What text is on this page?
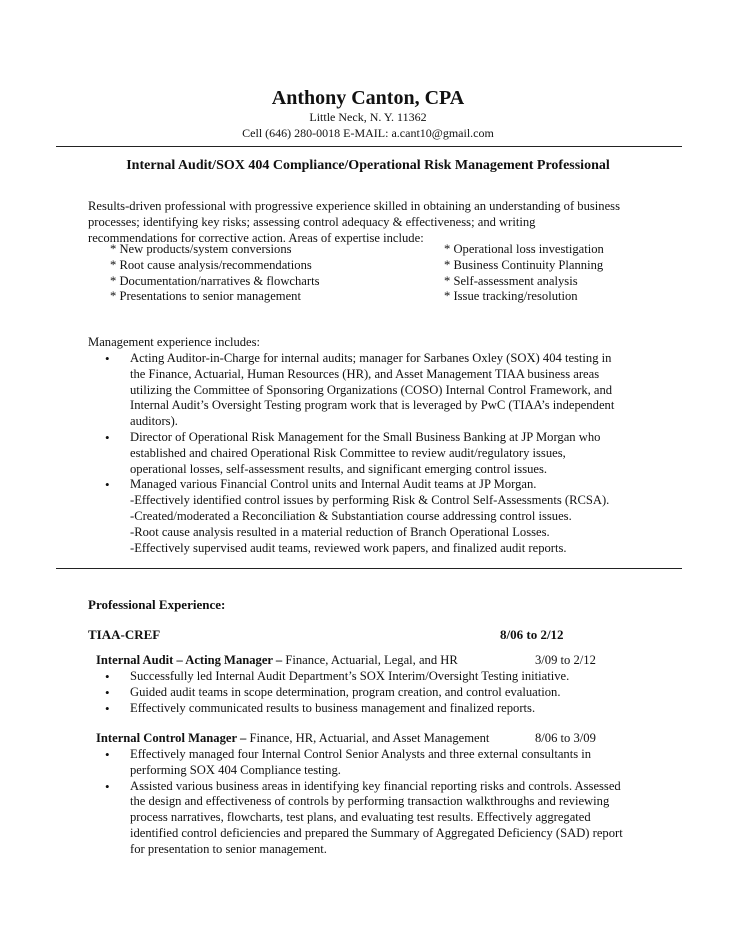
Anthony Canton, CPA
Little Neck, N. Y. 11362
Cell (646) 280-0018 E-MAIL: a.cant10@gmail.com
Internal Audit/SOX 404 Compliance/Operational Risk Management Professional
Results-driven professional with progressive experience skilled in obtaining an understanding of business
processes; identifying key risks; assessing control adequacy & effectiveness; and writing
recommendations for corrective action. Areas of expertise include:
* New products/system conversions
* Root cause analysis/recommendations
* Documentation/narratives & flowcharts
* Presentations to senior management
* Operational loss investigation
* Business Continuity Planning
* Self-assessment analysis
* Issue tracking/resolution
Management experience includes:
• Acting Auditor-in-Charge for internal audits; manager for Sarbanes Oxley (SOX) 404 testing in
the Finance, Actuarial, Human Resources (HR), and Asset Management TIAA business areas
utilizing the Committee of Sponsoring Organizations (COSO) Internal Control Framework, and
Internal Audit’s Oversight Testing program work that is leveraged by PwC (TIAA’s independent
auditors).
• Director of Operational Risk Management for the Small Business Banking at JP Morgan who
established and chaired Operational Risk Committee to review audit/regulatory issues,
operational losses, self-assessment results, and significant emerging control issues.
• Managed various Financial Control units and Internal Audit teams at JP Morgan.
-Effectively identified control issues by performing Risk & Control Self-Assessments (RCSA).
-Created/moderated a Reconciliation & Substantiation course addressing control issues.
-Root cause analysis resulted in a material reduction of Branch Operational Losses.
-Effectively supervised audit teams, reviewed work papers, and finalized audit reports.
Professional Experience:
TIAA-CREF	8/06 to 2/12
Internal Audit – Acting Manager – Finance, Actuarial, Legal, and HR	3/09 to 2/12
• Successfully led Internal Audit Department’s SOX Interim/Oversight Testing initiative.
• Guided audit teams in scope determination, program creation, and control evaluation.
• Effectively communicated results to business management and finalized reports.
Internal Control Manager – Finance, HR, Actuarial, and Asset Management	8/06 to 3/09
• Effectively managed four Internal Control Senior Analysts and three external consultants in
performing SOX 404 Compliance testing.
• Assisted various business areas in identifying key financial reporting risks and controls. Assessed
the design and effectiveness of controls by performing transaction walkthroughs and reviewing
process narratives, flowcharts, test plans, and evaluating test results. Effectively aggregated
identified control deficiencies and prepared the Summary of Aggregated Deficiency (SAD) report
for presentation to senior management.
